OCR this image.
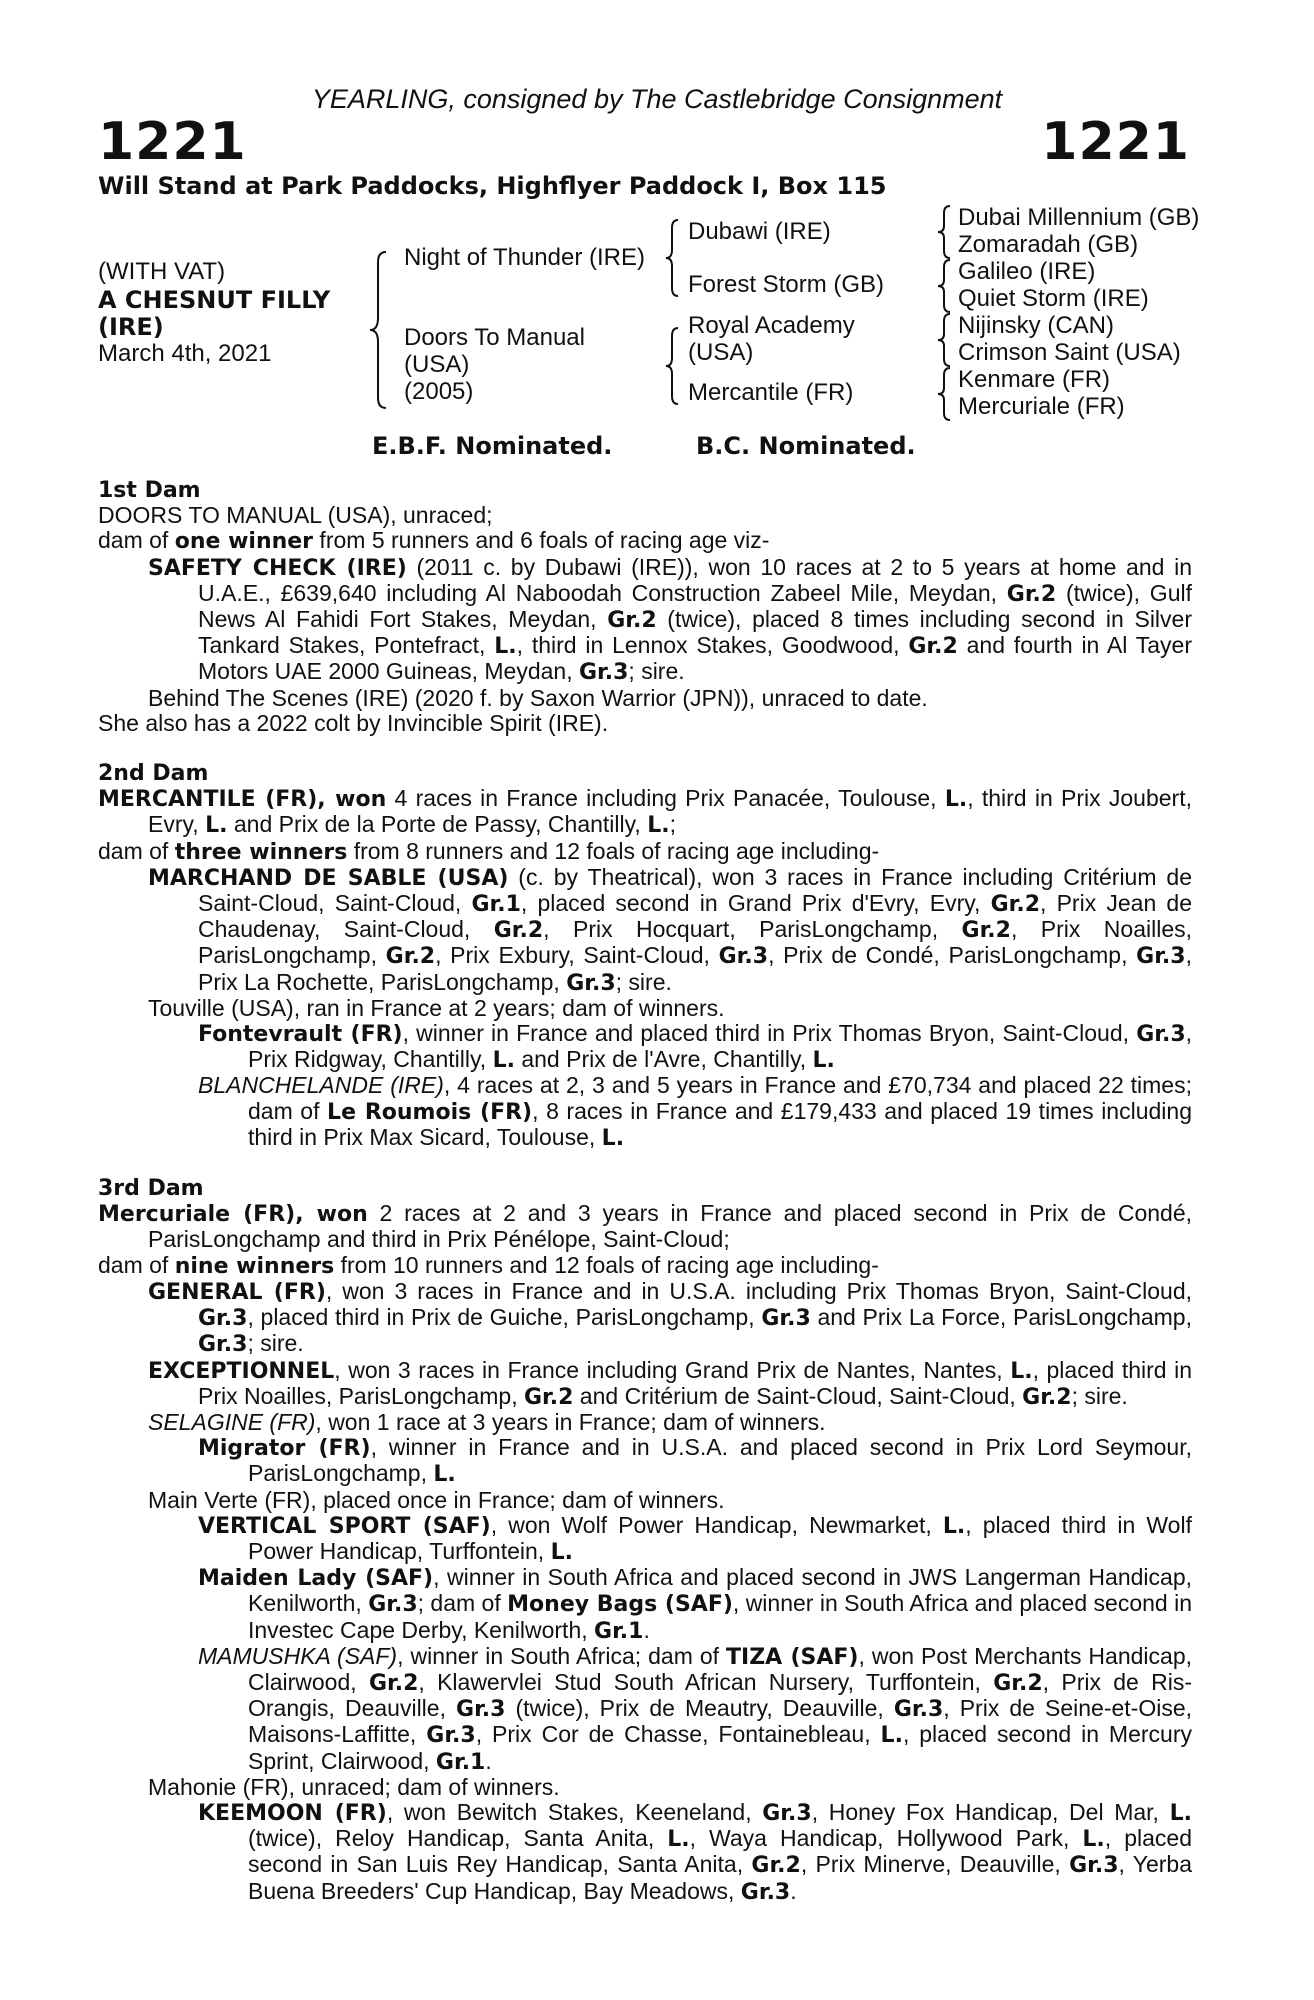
YEARLING, consigned by The Castlebridge Consignment
1221	1221
Will Stand at Park Paddocks, Highflyer Paddock I, Box 115
(WITH VAT)
A CHESNUT FILLY
(IRE)
March 4th, 2021
Night of Thunder (IRE)
Doors To Manual
(USA)
(2005)
Dubawi (IRE)
Forest Storm (GB)
Royal Academy
(USA)
Mercantile (FR)
Dubai Millennium (GB)
Zomaradah (GB)
Galileo (IRE)
Quiet Storm (IRE)
Nijinsky (CAN)
Crimson Saint (USA)
Kenmare (FR)
Mercuriale (FR)
E.B.F. Nominated.	B.C. Nominated.
1st Dam

DOORS TO MANUAL (USA), unraced;

dam of one winner from 5 runners and 6 foals of racing age viz-

SAFETY CHECK (IRE) (2011 c. by Dubawi (IRE)), won 10 races at 2 to 5 years at home and in U.A.E., £639,640 including Al Naboodah Construction Zabeel Mile, Meydan, Gr.2 (twice), Gulf News Al Fahidi Fort Stakes, Meydan, Gr.2 (twice), placed 8 times including second in Silver Tankard Stakes, Pontefract, L., third in Lennox Stakes, Goodwood, Gr.2 and fourth in Al Tayer Motors UAE 2000 Guineas, Meydan, Gr.3; sire.

Behind The Scenes (IRE) (2020 f. by Saxon Warrior (JPN)), unraced to date.

She also has a 2022 colt by Invincible Spirit (IRE).

2nd Dam

MERCANTILE (FR), won 4 races in France including Prix Panacée, Toulouse, L., third in Prix Joubert, Evry, L. and Prix de la Porte de Passy, Chantilly, L.;

dam of three winners from 8 runners and 12 foals of racing age including-

MARCHAND DE SABLE (USA) (c. by Theatrical), won 3 races in France including Critérium de Saint-Cloud, Saint-Cloud, Gr.1, placed second in Grand Prix d'Evry, Evry, Gr.2, Prix Jean de Chaudenay, Saint-Cloud, Gr.2, Prix Hocquart, ParisLongchamp, Gr.2, Prix Noailles, ParisLongchamp, Gr.2, Prix Exbury, Saint-Cloud, Gr.3, Prix de Condé, ParisLongchamp, Gr.3, Prix La Rochette, ParisLongchamp, Gr.3; sire.

Touville (USA), ran in France at 2 years; dam of winners.

Fontevrault (FR), winner in France and placed third in Prix Thomas Bryon, Saint-Cloud, Gr.3, Prix Ridgway, Chantilly, L. and Prix de l'Avre, Chantilly, L.

BLANCHELANDE (IRE), 4 races at 2, 3 and 5 years in France and £70,734 and placed 22 times; dam of Le Roumois (FR), 8 races in France and £179,433 and placed 19 times including third in Prix Max Sicard, Toulouse, L.

3rd Dam

Mercuriale (FR), won 2 races at 2 and 3 years in France and placed second in Prix de Condé, ParisLongchamp and third in Prix Pénélope, Saint-Cloud;

dam of nine winners from 10 runners and 12 foals of racing age including-

GENERAL (FR), won 3 races in France and in U.S.A. including Prix Thomas Bryon, Saint-Cloud, Gr.3, placed third in Prix de Guiche, ParisLongchamp, Gr.3 and Prix La Force, ParisLongchamp, Gr.3; sire.

EXCEPTIONNEL, won 3 races in France including Grand Prix de Nantes, Nantes, L., placed third in Prix Noailles, ParisLongchamp, Gr.2 and Critérium de Saint-Cloud, Saint-Cloud, Gr.2; sire.

SELAGINE (FR), won 1 race at 3 years in France; dam of winners.

Migrator (FR), winner in France and in U.S.A. and placed second in Prix Lord Seymour, ParisLongchamp, L.

Main Verte (FR), placed once in France; dam of winners.

VERTICAL SPORT (SAF), won Wolf Power Handicap, Newmarket, L., placed third in Wolf Power Handicap, Turffontein, L.

Maiden Lady (SAF), winner in South Africa and placed second in JWS Langerman Handicap, Kenilworth, Gr.3; dam of Money Bags (SAF), winner in South Africa and placed second in Investec Cape Derby, Kenilworth, Gr.1.

MAMUSHKA (SAF), winner in South Africa; dam of TIZA (SAF), won Post Merchants Handicap, Clairwood, Gr.2, Klawervlei Stud South African Nursery, Turffontein, Gr.2, Prix de Ris-Orangis, Deauville, Gr.3 (twice), Prix de Meautry, Deauville, Gr.3, Prix de Seine-et-Oise, Maisons-Laffitte, Gr.3, Prix Cor de Chasse, Fontainebleau, L., placed second in Mercury Sprint, Clairwood, Gr.1.

Mahonie (FR), unraced; dam of winners.

KEEMOON (FR), won Bewitch Stakes, Keeneland, Gr.3, Honey Fox Handicap, Del Mar, L. (twice), Reloy Handicap, Santa Anita, L., Waya Handicap, Hollywood Park, L., placed second in San Luis Rey Handicap, Santa Anita, Gr.2, Prix Minerve, Deauville, Gr.3, Yerba Buena Breeders' Cup Handicap, Bay Meadows, Gr.3.
